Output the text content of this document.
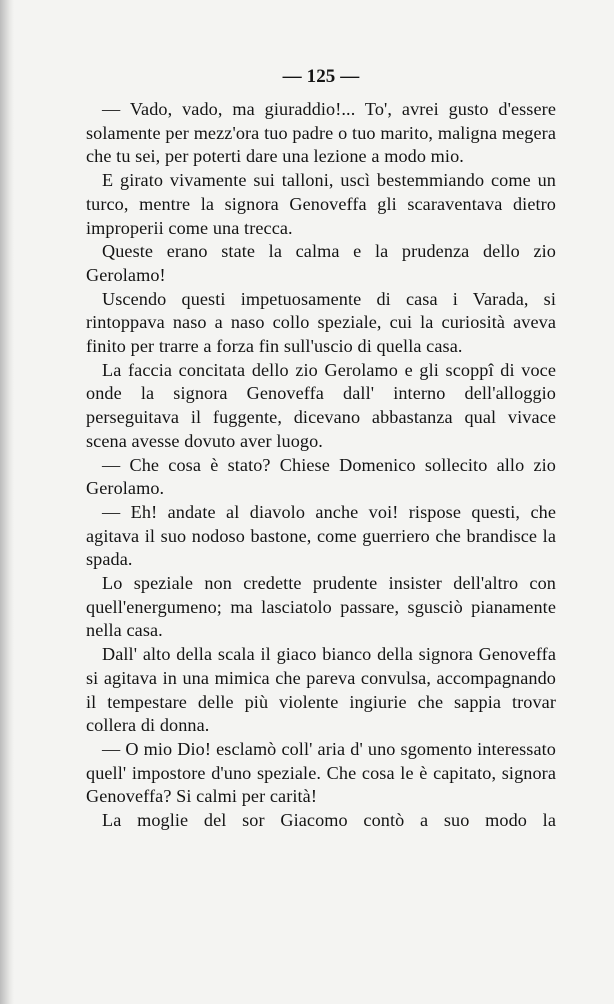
— 125 —

— Vado, vado, ma giuraddio!... To', avrei gusto d'essere solamente per mezz'ora tuo padre o tuo marito, maligna megera che tu sei, per poterti dare una lezione a modo mio.

E girato vivamente sui talloni, uscì bestemmiando come un turco, mentre la signora Genoveffa gli scaraventava dietro improperii come una trecca.

Queste erano state la calma e la prudenza dello zio Gerolamo!

Uscendo questi impetuosamente di casa i Varada, si rintoppava naso a naso collo speziale, cui la curiosità aveva finito per trarre a forza fin sull'uscio di quella casa.

La faccia concitata dello zio Gerolamo e gli scoppî di voce onde la signora Genoveffa dall' interno dell'alloggio perseguitava il fuggente, dicevano abbastanza qual vivace scena avesse dovuto aver luogo.

— Che cosa è stato? Chiese Domenico sollecito allo zio Gerolamo.

— Eh! andate al diavolo anche voi! rispose questi, che agitava il suo nodoso bastone, come guerriero che brandisce la spada.

Lo speziale non credette prudente insister dell'altro con quell'energumeno; ma lasciatolo passare, sgusciò pianamente nella casa.

Dall' alto della scala il giaco bianco della signora Genoveffa si agitava in una mimica che pareva convulsa, accompagnando il tempestare delle più violente ingiurie che sappia trovar collera di donna.

— O mio Dio! esclamò coll' aria d' uno sgomento interessato quell' impostore d'uno speziale. Che cosa le è capitato, signora Genoveffa? Si calmi per carità!

La moglie del sor Giacomo contò a suo modo la
